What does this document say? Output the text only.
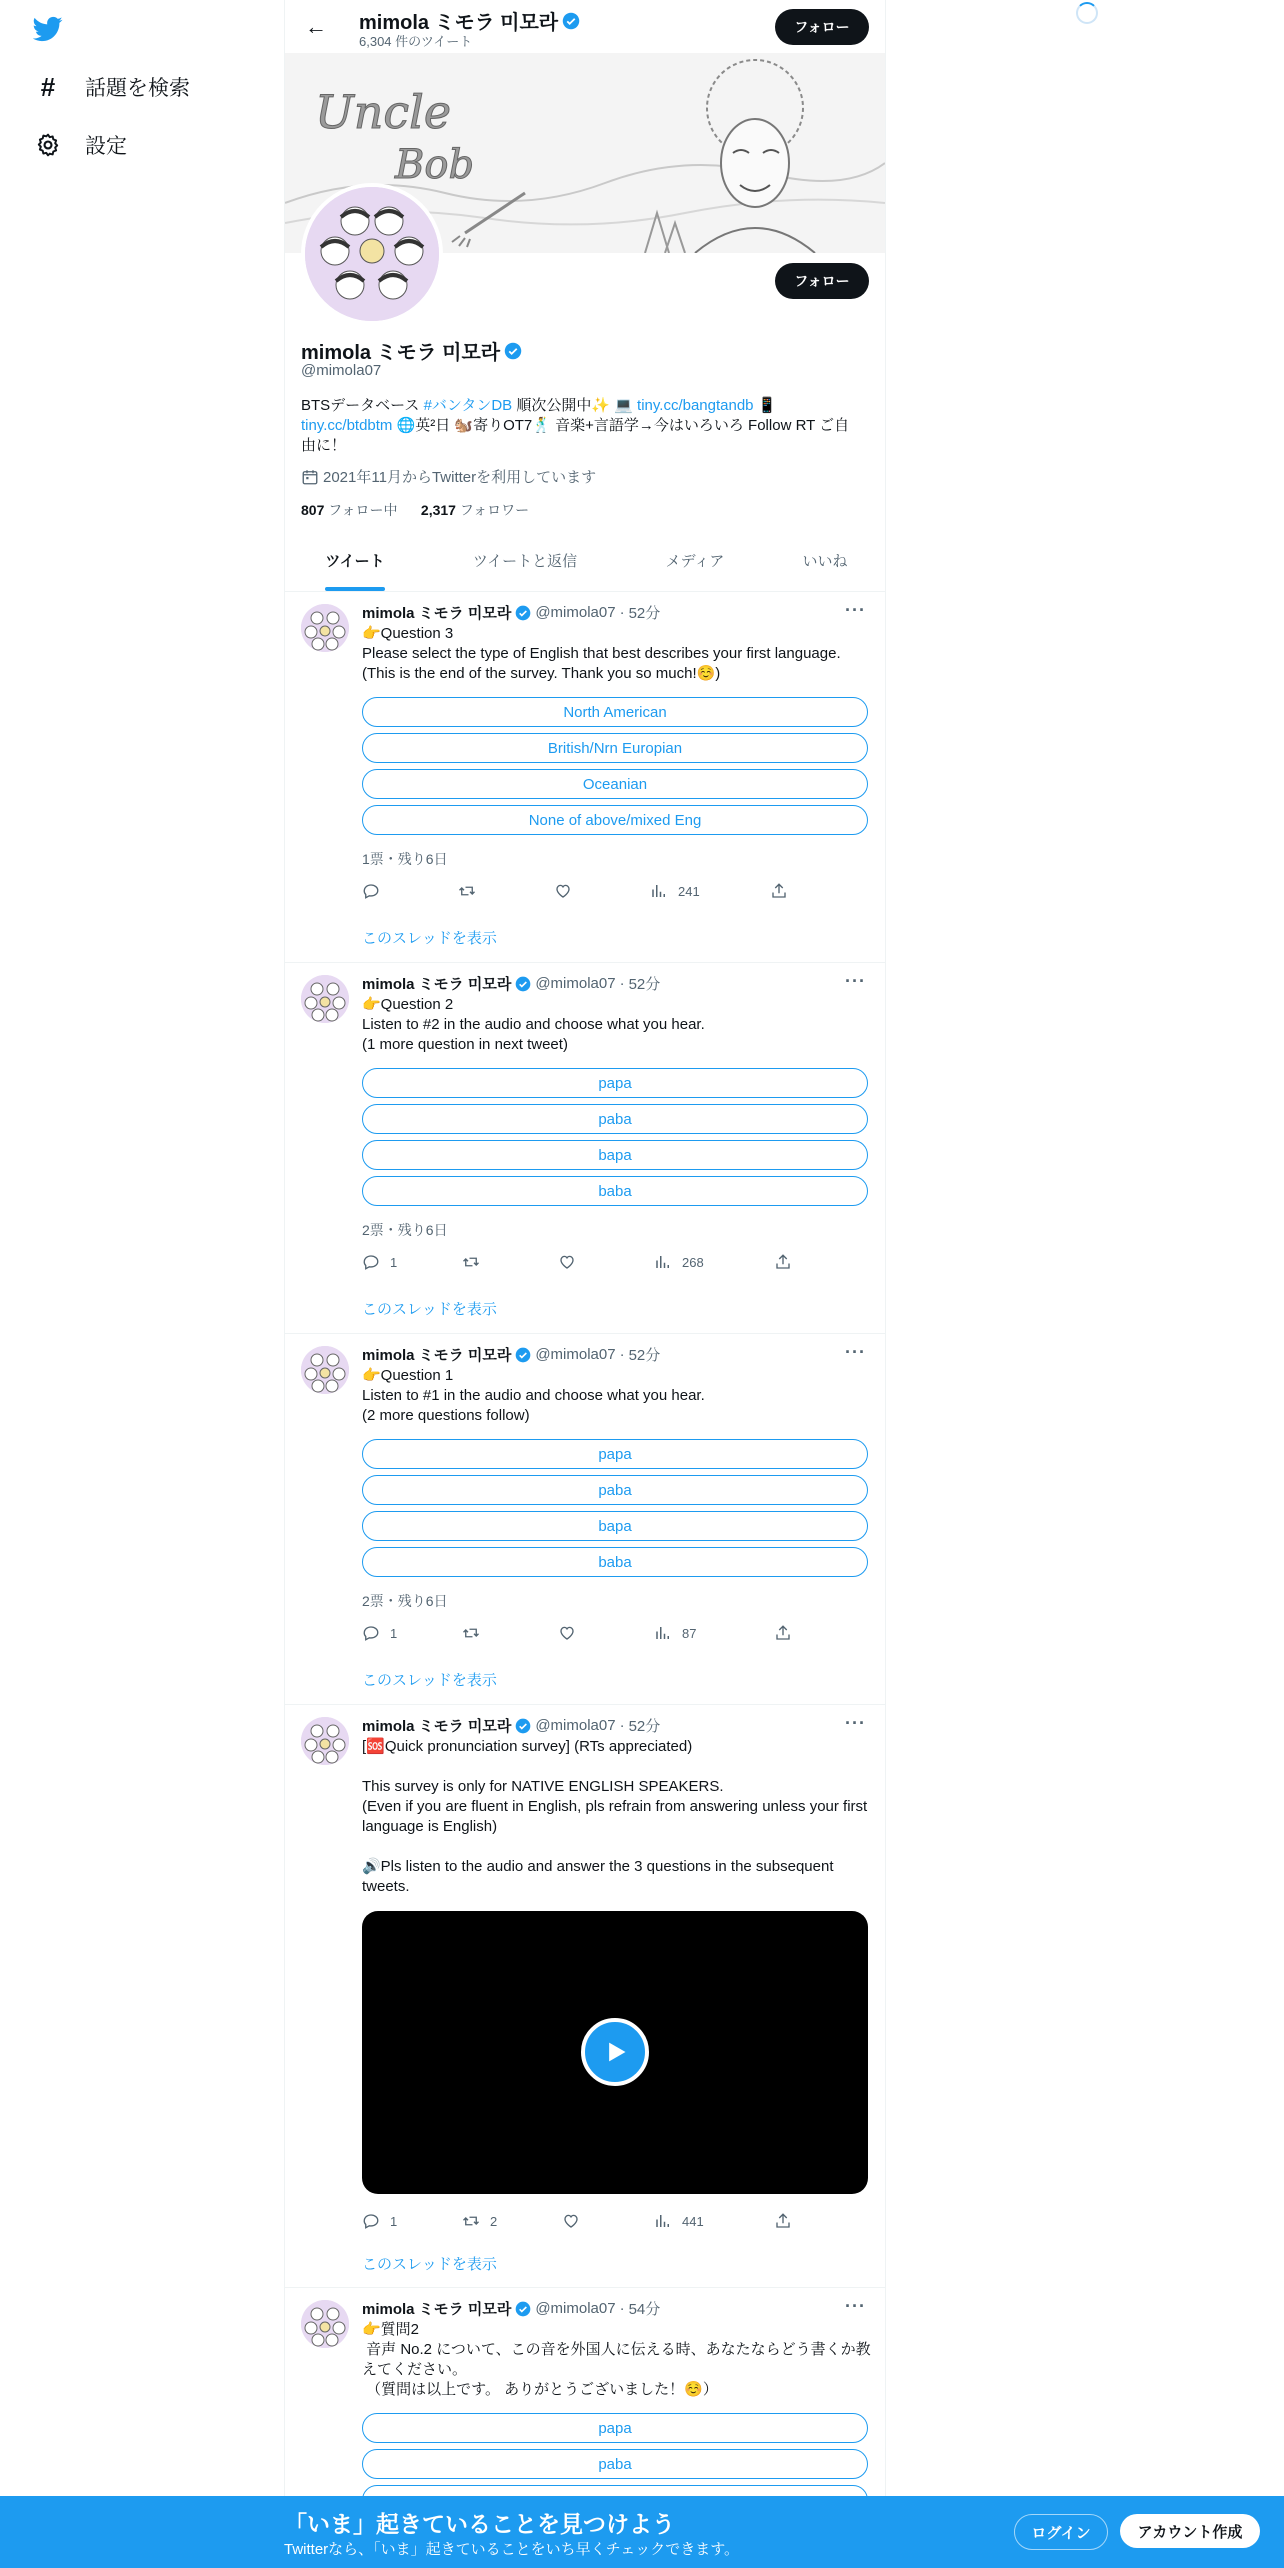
#	話題を検索
設定
← mimola ミモラ 미모라
6,304 件のツイート
フォロー
Uncle
Bob
フォロー
mimola ミモラ 미모라
@mimola07
BTSデータベース #バンタンDB 順次公開中✨ 💻 tiny.cc/bangtandb 📱 tiny.cc/btdbtm 🌐英²日 🐿️寄りOT7🕺 音楽+言語学→今はいろいろ Follow RT ご自由に！
2021年11月からTwitterを利用しています
807 フォロー中 2,317 フォロワー
ツイート	ツイートと返信	メディア	いいね
mimola ミモラ 미모라 @mimola07 · 52分	···
👉Question 3
Please select the type of English that best describes your first language.
(This is the end of the survey. Thank you so much!☺️)
North American
British/Nrn Europian
Oceanian
None of above/mixed Eng
1票・残り6日
241
このスレッドを表示
mimola ミモラ 미모라 @mimola07 · 52分	···
👉Question 2
Listen to #2 in the audio and choose what you hear.
(1 more question in next tweet)
papa
paba
bapa
baba
2票・残り6日
1	268
このスレッドを表示
mimola ミモラ 미모라 @mimola07 · 52分	···
👉Question 1
Listen to #1 in the audio and choose what you hear.
(2 more questions follow)
papa
paba
bapa
baba
2票・残り6日
1	87
このスレッドを表示
mimola ミモラ 미모라 @mimola07 · 52分	···
[🆘Quick pronunciation survey] (RTs appreciated)

This survey is only for NATIVE ENGLISH SPEAKERS.
(Even if you are fluent in English, pls refrain from answering unless your first language is English)

🔊Pls listen to the audio and answer the 3 questions in the subsequent tweets.
1	2	441
このスレッドを表示
mimola ミモラ 미모라 @mimola07 · 54分	···
👉質問2
音声 No.2 について、この音を外国人に伝える時、あなたならどう書くか教えてください。
（質問は以上です。 ありがとうございました！☺️）
papa
paba
「いま」起きていることを見つけよう
Twitterなら、「いま」起きていることをいち早くチェックできます。
ログイン	アカウント作成
